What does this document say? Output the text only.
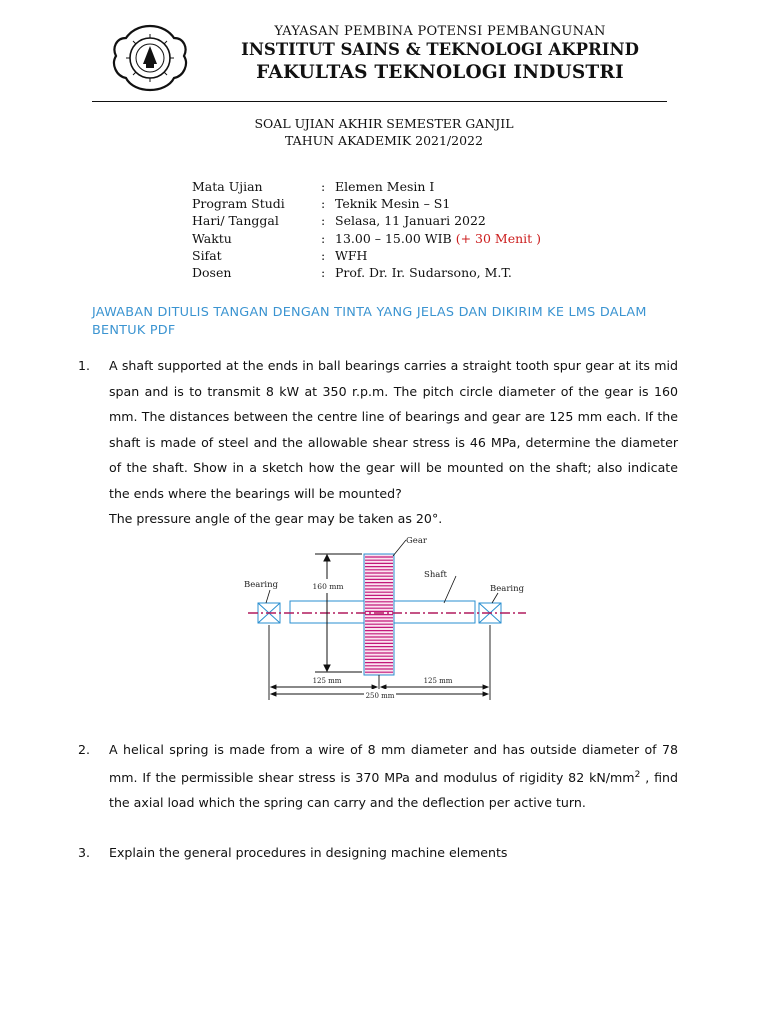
YAYASAN PEMBINA POTENSI PEMBANGUNAN
INSTITUT SAINS & TEKNOLOGI AKPRIND
FAKULTAS TEKNOLOGI INDUSTRI
SOAL UJIAN AKHIR SEMESTER GANJIL
TAHUN AKADEMIK 2021/2022
Mata Ujian	: Elemen Mesin I
Program Studi	: Teknik Mesin – S1
Hari/ Tanggal	: Selasa, 11 Januari 2022
Waktu	: 13.00 – 15.00 WIB (+ 30 Menit )
Sifat	: WFH
Dosen	: Prof. Dr. Ir. Sudarsono, M.T.
JAWABAN DITULIS TANGAN DENGAN TINTA YANG JELAS DAN DIKIRIM KE LMS DALAM BENTUK PDF
1. A shaft supported at the ends in ball bearings carries a straight tooth spur gear at its mid span and is to transmit 8 kW at 350 r.p.m. The pitch circle diameter of the gear is 160 mm. The distances between the centre line of bearings and gear are 125 mm each. If the shaft is made of steel and the allowable shear stress is 46 MPa, determine the diameter of the shaft. Show in a sketch how the gear will be mounted on the shaft; also indicate the ends where the bearings will be mounted?
The pressure angle of the gear may be taken as 20°.
160 mm
125 mm	125 mm
250 mm
Gear
Shaft
Bearing	Bearing
2. A helical spring is made from a wire of 8 mm diameter and has outside diameter of 78 mm. If the permissible shear stress is 370 MPa and modulus of rigidity 82 $kN/mm^2$ , find the axial load which the spring can carry and the deflection per active turn.
3. Explain the general procedures in designing machine elements
